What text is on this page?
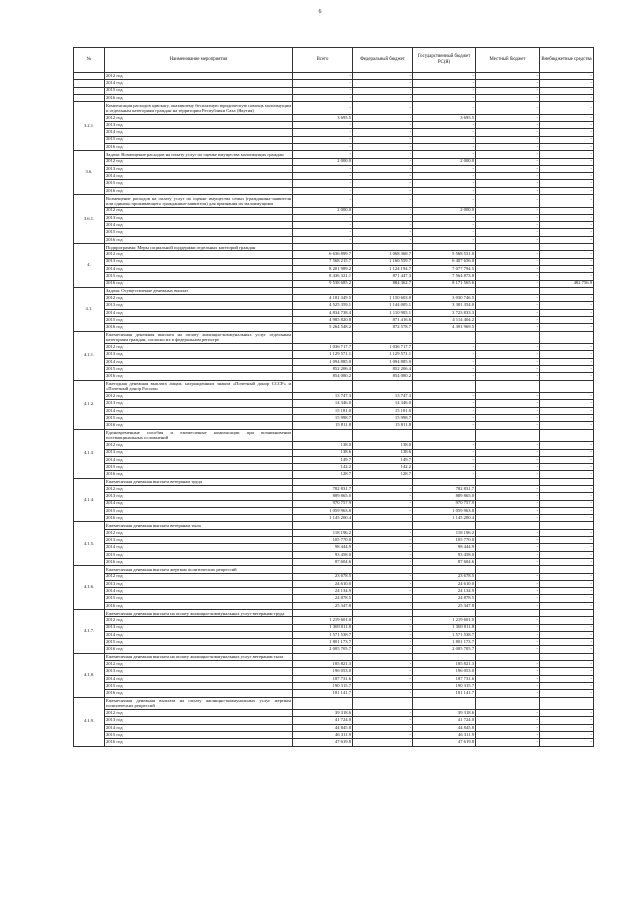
6
№	Наименование мероприятия	Всего	Федеральный бюджет	Государственный бюджет РС(Я)	Местный бюджет	Внебюджетные средства
	2012 год	-	-	-	-	-
	2014 год	-	-	-	-	-
	2015 год	-	-	-	-	-
	2016 год	-	-	-	-	-
3.2.1.	Компенсация расходов адвокату, оказавшему бесплатную юридическую помощь малоимущим и отдельным категориям граждан на территории Республики Саха (Якутия)	-	-	-	-	-
	2012 год	3 695.5	-	3 695.5	-	-
	2013 год	-	-	-	-	-
	2014 год	-	-	-	-	-
	2015 год	-	-	-	-	-
	2016 год	-	-	-	-	-
3.6.	Задача: Возмещение расходов на оплату услуг по оценке имущества малоимущих граждан	-	-	-	-	-
	2012 год	2 000.0	-	2 000.0	-	-
	2013 год	-	-	-	-	-
	2014 год	-	-	-	-	-
	2015 год	-	-	-	-	-
	2016 год	-	-	-	-	-
3.6.1.	Возмещение расходов на оплату услуг по оценке имущества семьи (гражданина-заявителя или одиноко проживающего гражданина-заявителя) для признания их малоимущими	-	-	-	-	-
	2012 год	2 000.0	-	2 000.0	-	-
	2013 год	-	-	-	-	-
	2014 год	-	-	-	-	-
	2015 год	-	-	-	-	-
	2016 год	-	-	-	-	-
4.	Подпрограмма: Меры социальной поддержки отдельных категорий граждан					
	2012 год	6 636 899.7	1 068 368.7	5 568 531.0	-	-
	2013 год	7 568 215.7	1 160 559.7	6 407 656.0	-	-
	2014 год	8 201 989.2	1 124 194.7	7 077 794.5	-	-
	2015 год	8 436 321.1	871 447.3	7 564 873.8	-	-
	2016 год	9 538 685.2	884 362.7	8 171 565.6	-	482 756.9
4.1.	Задача: Осуществление денежных выплат					
	2012 год	4 181 349.5	1 150 603.0	3 030 746.5	-	-
	2013 год	4 525 359.1	1 144 005.1	3 381 354.0	-	-
	2014 год	4 834 738.4	1 110 905.1	3 723 833.3	-	-
	2015 год	4 985 820.8	871 416.6	4 114 404.2	-	-
	2016 год	5 264 548.2	872 578.7	4 391 969.5	-	-
4.1.1.	Ежемесячная денежная выплата на оплату жилищно-коммунальных услуг отдельным категориям граждан, согласно их в федеральном регистре					
	2012 год	1 036 717.7	1 036 717.7	-	-	-
	2013 год	1 129 571.1	1 129 571.1	-	-	-
	2014 год	1 094 885.0	1 094 885.0	-	-	-
	2015 год	852 206.4	852 206.4	-	-	-
	2016 год	854 080.2	854 080.2	-	-	-
4.1.2.	Ежегодная денежная выплата лицам, награжденным знаком «Почетный донор СССР» и «Почетный донор России»					
	2012 год	13 747.3	13 747.3	-	-	-
	2013 год	14 346.0	14 346.0	-	-	-
	2014 год	15 181.0	15 181.0	-	-	-
	2015 год	15 998.7	15 998.7	-	-	-
	2016 год	15 811.8	15 811.8	-	-	-
4.1.3.	Единовременные пособия и ежемесячные компенсации при возникновении поствакцинальных осложнений					
	2012 год	138.0	138.0	-	-	-
	2013 год	138.6	138.6	-	-	-
	2014 год	149.7	149.7	-	-	-
	2015 год	142.2	142.2	-	-	-
	2016 год	128.7	128.7	-	-	-
4.1.4.	Ежемесячная денежная выплата ветеранам труда					
	2012 год	782 831.7	-	782 831.7	-	-
	2013 год	889 865.0	-	889 865.0	-	-
	2014 год	970 757.9	-	970 757.9	-	-
	2015 год	1 059 963.8	-	1 059 963.8	-	-
	2016 год	1 145 200.4	-	1 145 200.4	-	-
4.1.5.	Ежемесячная денежная выплата ветеранам тыла					
	2012 год	118 196.2	-	118 196.2	-	-
	2013 год	105 770.0	-	105 770.0	-	-
	2014 год	98 444.9	-	98 444.9	-	-
	2015 год	93 458.0	-	93 458.0	-	-
	2016 год	87 604.6	-	87 604.6	-	-
4.1.6.	Ежемесячная денежная выплата жертвам политических репрессий					
	2012 год	23 678.5	-	23 678.5	-	-
	2013 год	24 610.0	-	24 610.0	-	-
	2014 год	24 134.9	-	24 134.9	-	-
	2015 год	24 878.5	-	24 878.5	-	-
	2016 год	25 347.8	-	25 347.8	-	-
4.1.7.	Ежемесячная денежная выплата на оплату жилищно-коммунальных услуг ветеранам труда					
	2012 год	1 219 601.0	-	1 219 601.0	-	-
	2013 год	1 369 011.8	-	1 369 011.8	-	-
	2014 год	1 571 538.7	-	1 571 538.7	-	-
	2015 год	1 801 173.7	-	1 801 173.7	-	-
	2016 год	2 005 705.7	-	2 005 705.7	-	-
4.1.8.	Ежемесячная денежная выплата на оплату жилищно-коммунальных услуг ветеранам тыла					
	2012 год	185 821.3	-	185 821.3	-	-
	2013 год	196 053.0	-	196 053.0	-	-
	2014 год	187 731.6	-	187 731.6	-	-
	2015 год	190 315.7	-	190 315.7	-	-
	2016 год	181 141.7	-	181 141.7	-	-
4.1.9.	Ежемесячная денежная выплата на оплату жилищно-коммунальных услуг жертвам политических репрессий					
	2012 год	39 318.6	-	39 318.6	-	-
	2013 год	41 724.0	-	41 724.0	-	-
	2014 год	44 845.8	-	44 845.8	-	-
	2015 год	46 311.9	-	46 311.9	-	-
	2016 год	47 619.8	-	47 619.8	-	-
